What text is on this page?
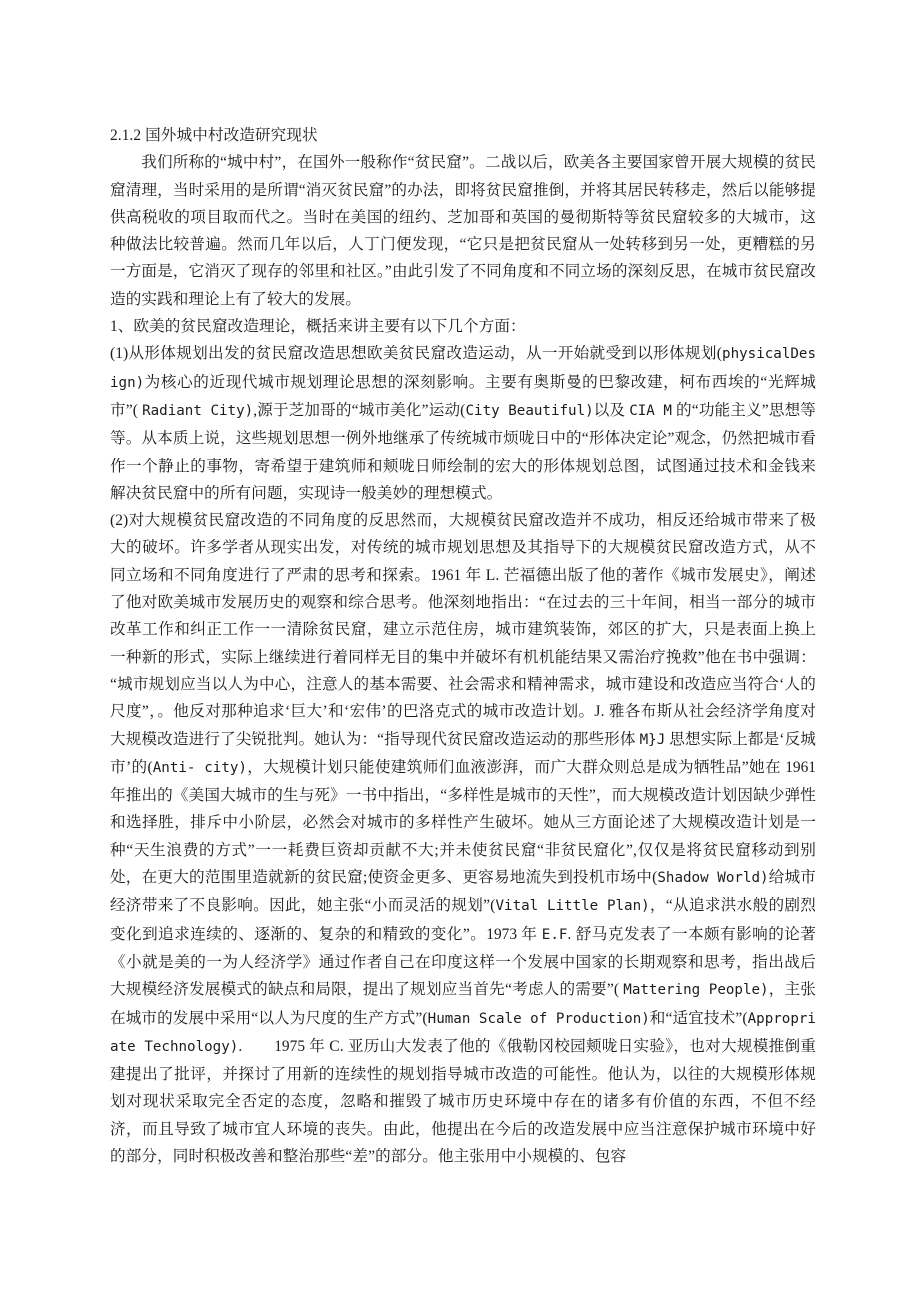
2.1.2 国外城中村改造研究现状

我们所称的“城中村”，在国外一般称作“贫民窟”。二战以后，欧美各主要国家曾开展大规模的贫民窟清理，当时采用的是所谓“消灭贫民窟”的办法，即将贫民窟推倒，并将其居民转移走，然后以能够提供高税收的项目取而代之。当时在美国的纽约、芝加哥和英国的曼彻斯特等贫民窟较多的大城市，这种做法比较普遍。然而几年以后，人丁门便发现，“它只是把贫民窟从一处转移到另一处，更糟糕的另一方面是，它消灭了现存的邻里和社区。”由此引发了不同角度和不同立场的深刻反思，在城市贫民窟改造的实践和理论上有了较大的发展。

1、欧美的贫民窟改造理论，概括来讲主要有以下几个方面：

(1)从形体规划出发的贫民窟改造思想欧美贫民窟改造运动，从一开始就受到以形体规划(physicalDesign)为核心的近现代城市规划理论思想的深刻影响。主要有奥斯曼的巴黎改建，柯布西埃的“光辉城市”( Radiant City),源于芝加哥的“城市美化”运动(City Beautiful)以及 CIA M 的“功能主义”思想等等。从本质上说，这些规划思想一例外地继承了传统城市烦咙日中的“形体决定论”观念，仍然把城市看作一个静止的事物，寄希望于建筑师和颊咙日师绘制的宏大的形体规划总图，试图通过技术和金钱来解决贫民窟中的所有问题，实现诗一般美妙的理想模式。

(2)对大规模贫民窟改造的不同角度的反思然而，大规模贫民窟改造并不成功，相反还给城市带来了极大的破坏。许多学者从现实出发，对传统的城市规划思想及其指导下的大规模贫民窟改造方式，从不同立场和不同角度进行了严肃的思考和探索。1961 年 L. 芒福德出版了他的著作《城市发展史》，阐述了他对欧美城市发展历史的观察和综合思考。他深刻地指出：“在过去的三十年间，相当一部分的城市改革工作和纠正工作一一清除贫民窟，建立示范住房，城市建筑装饰，郊区的扩大，只是表面上换上一种新的形式，实际上继续进行着同样无目的集中并破坏有机机能结果又需治疗挽救”他在书中强调：“城市规划应当以人为中心，注意人的基本需要、社会需求和精神需求，城市建设和改造应当符合‘人的尺度”，。他反对那种追求‘巨大’和‘宏伟’的巴洛克式的城市改造计划。J. 雅各布斯从社会经济学角度对大规模改造进行了尖锐批判。她认为：“指导现代贫民窟改造运动的那些形体 M}J 思想实际上都是‘反城市’的(Anti- city)，大规模计划只能使建筑师们血液澎湃，而广大群众则总是成为牺牲品”她在 1961 年推出的《美国大城市的生与死》一书中指出，“多样性是城市的天性”，而大规模改造计划因缺少弹性和选择胜，排斥中小阶层，必然会对城市的多样性产生破坏。她从三方面论述了大规模改造计划是一种“天生浪费的方式”一一耗费巨资却贡献不大;并未使贫民窟“非贫民窟化”,仅仅是将贫民窟移动到别处，在更大的范围里造就新的贫民窟;使资金更多、更容易地流失到投机市场中(Shadow World)给城市经济带来了不良影响。因此，她主张“小而灵活的规划”(Vital Little Plan)，“从追求洪水般的剧烈变化到追求连续的、逐渐的、复杂的和精致的变化”。1973 年 E.F. 舒马克发表了一本颇有影响的论著《小就是美的一为人经济学》通过作者自己在印度这样一个发展中国家的长期观察和思考，指出战后大规模经济发展模式的缺点和局限，提出了规划应当首先“考虑人的需要”( Mattering People)，主张在城市的发展中采用“以人为尺度的生产方式”(Human Scale of Production)和“适宜技术”(Appropriate Technology).　　1975 年 C. 亚历山大发表了他的《俄勒冈校园颊咙日实验》，也对大规模推倒重建提出了批评，并探讨了用新的连续性的规划指导城市改造的可能性。他认为，以往的大规模形体规划对现状采取完全否定的态度，忽略和摧毁了城市历史环境中存在的诸多有价值的东西，不但不经济，而且导致了城市宜人环境的丧失。由此，他提出在今后的改造发展中应当注意保护城市环境中好的部分，同时积极改善和整治那些“差”的部分。他主张用中小规模的、包容
